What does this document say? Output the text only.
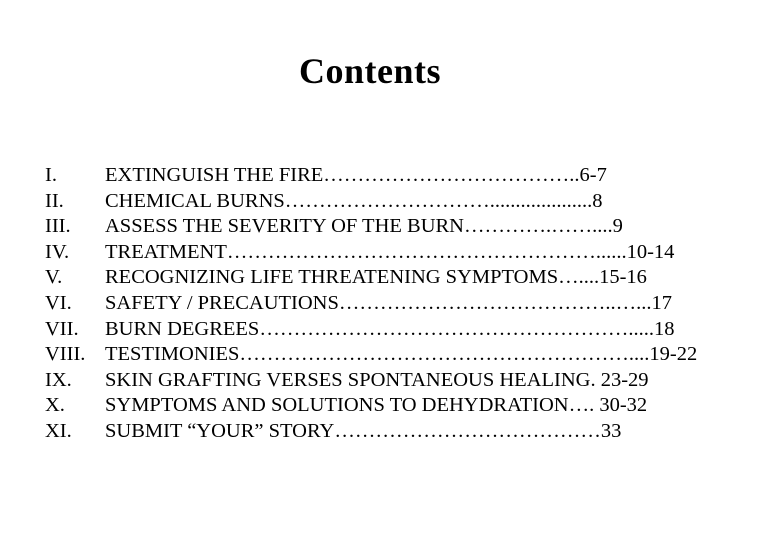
Contents
I. EXTINGUISH THE FIRE………………………………..6-7
II. CHEMICAL BURNS…………………………....................8
III. ASSESS THE SEVERITY OF THE BURN………….……....9
IV. TREATMENT………………………………………………......10-14
V. RECOGNIZING LIFE THREATENING SYMPTOMS…....15-16
VI. SAFETY / PRECAUTIONS…………………………………..…...17
VII. BURN DEGREES……………………………………………….....18
VIII. TESTIMONIES…………………………………………………....19-22
IX. SKIN GRAFTING VERSES SPONTANEOUS HEALING. 23-29
X. SYMPTOMS AND SOLUTIONS TO DEHYDRATION…. 30-32
XI. SUBMIT “YOUR” STORY…………………………………33
